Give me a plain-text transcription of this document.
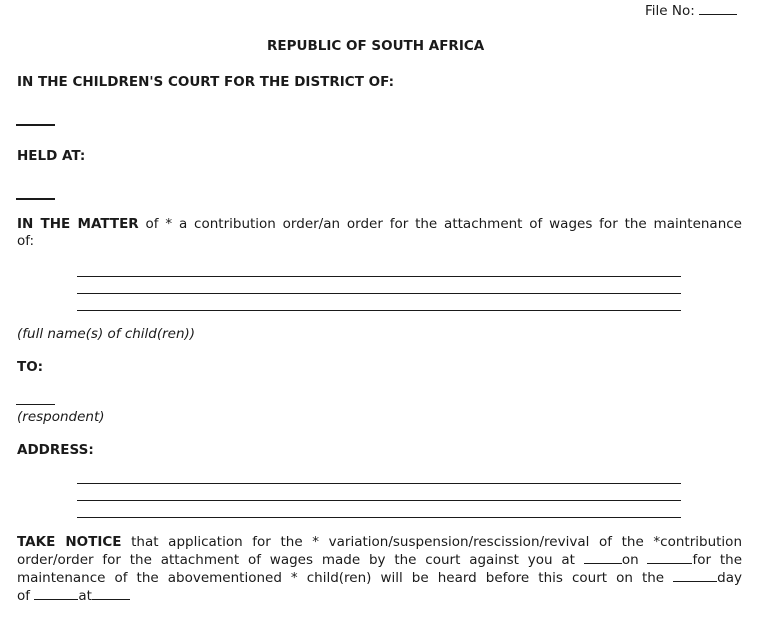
File No:
REPUBLIC OF SOUTH AFRICA
IN THE CHILDREN'S COURT FOR THE DISTRICT OF:
HELD AT:
IN THE MATTER of * a contribution order/an order for the attachment of wages for the maintenance
of:
(full name(s) of child(ren))
TO:
(respondent)
ADDRESS:
TAKE NOTICE that application for the * variation/suspension/rescission/revival of the *contribution
order/order for the attachment of wages made by the court against you at	on	for the
maintenance of the abovementioned * child(ren) will be heard before this court on the	day
of	at
